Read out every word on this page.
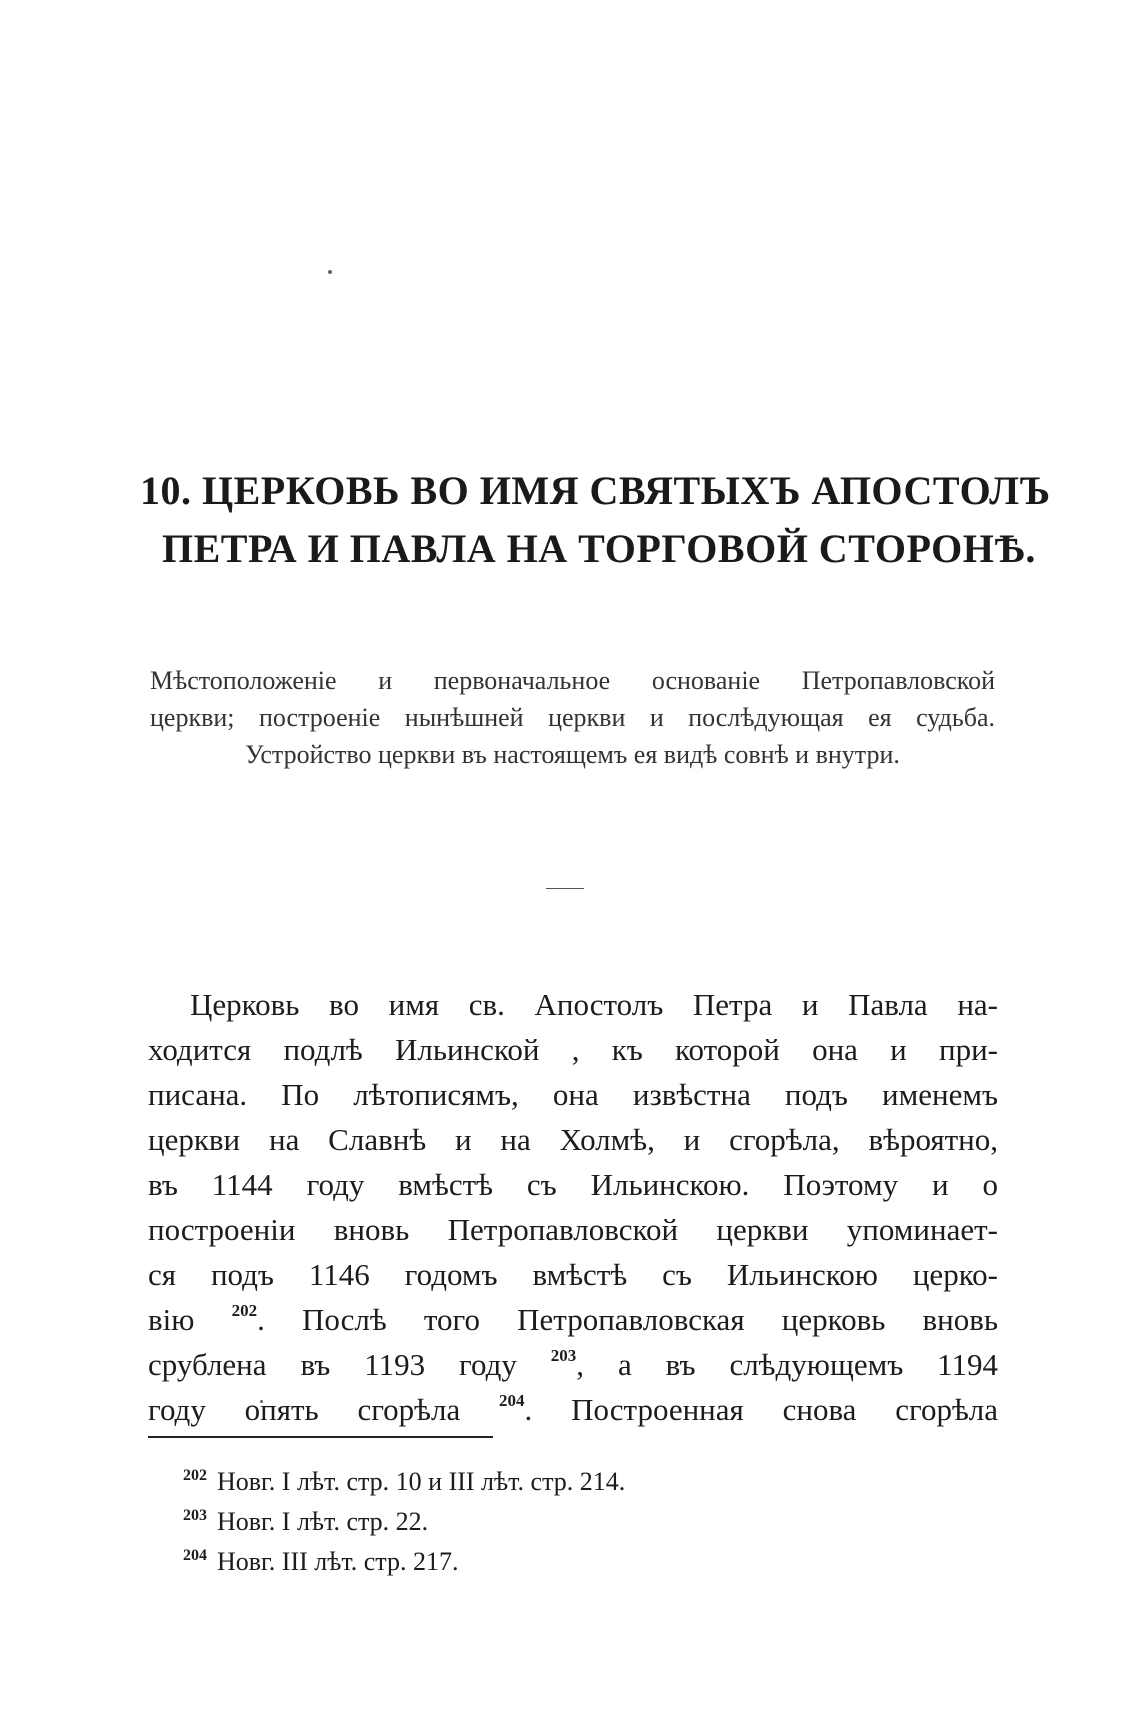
10. ЦЕРКОВЬ ВО ИМЯ СВЯТЫХЪ АПОСТОЛЪ
ПЕТРА И ПАВЛА НА ТОРГОВОЙ СТОРОНѢ.

Мѣстоположенiе и первоначальное основанiе Петропавловской
церкви; построенiе нынѣшней церкви и послѣдующая ея судьба.
Устройство церкви въ настоящемъ ея видѣ совнѣ и внутри.

Церковь во имя св. Апостолъ Петра и Павла на-
ходится подлѣ Ильинской , къ которой она и при-
писана. По лѣтописямъ, она извѣстна подъ именемъ
церкви на Славнѣ и на Холмѣ, и сгорѣла, вѣроятно,
въ 1144 году вмѣстѣ съ Ильинскою. Поэтому и о
построенiи вновь Петропавловской церкви упоминает-
ся подъ 1146 годомъ вмѣстѣ съ Ильинскою церко-
вiю $^{202}$. Послѣ того Петропавловская церковь вновь
срублена въ 1193 году $^{203}$, а въ слѣдующемъ 1194
году опять сгорѣла $^{204}$. Построенная снова сгорѣла

$^{202}$ Новг. I лѣт. стр. 10 и III лѣт. стр. 214.
$^{203}$ Новг. I лѣт. стр. 22.
$^{204}$ Новг. III лѣт. стр. 217.
